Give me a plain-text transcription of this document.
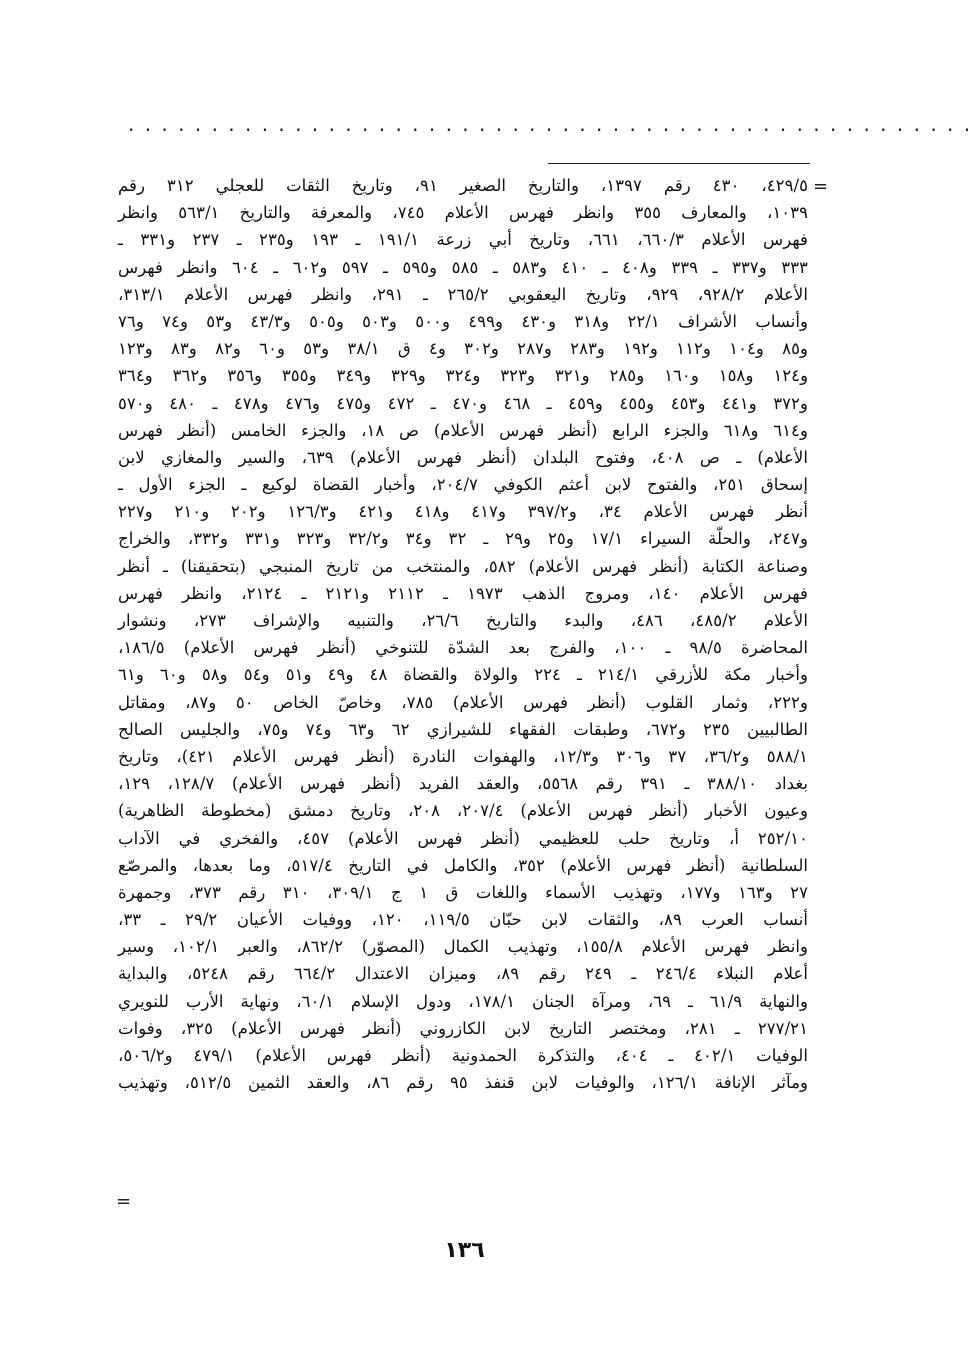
. . . . . . . . . . . . . . . . . . . . . . . . . . . . . . . . . . . . . . . . . . . . . . . . . . .
=
٤٢٩/٥، ٤٣٠ رقم ١٣٩٧، والتاريخ الصغير ٩١، وتاريخ الثقات للعجلي ٣١٢ رقم
١٠٣٩، والمعارف ٣٥٥ وانظر فهرس الأعلام ٧٤٥، والمعرفة والتاريخ ٥٦٣/١ وانظر
فهرس الأعلام ٦٦٠/٣، ٦٦١، وتاريخ أبي زرعة ١٩١/١ ـ ١٩٣ و٢٣٥ ـ ٢٣٧ و٣٣١ ـ
٣٣٣ و٣٣٧ ـ ٣٣٩ و٤٠٨ ـ ٤١٠ و٥٨٣ ـ ٥٨٥ و٥٩٥ ـ ٥٩٧ و٦٠٢ ـ ٦٠٤ وانظر فهرس
الأعلام ٩٢٨/٢، ٩٢٩، وتاريخ اليعقوبي ٢٦٥/٢ ـ ٢٩١، وانظر فهرس الأعلام ٣١٣/١،
وأنساب الأشراف ٢٢/١ و٣١٨ و٤٣٠ و٤٩٩ و٥٠٠ و٥٠٣ و٥٠٥ و٤٣/٣ و٥٣ و٧٤ و٧٦
و٨٥ و١٠٤ و١١٢ و١٩٢ و٢٨٣ و٢٨٧ و٣٠٢ و٤ ق ٣٨/١ و٥٣ و٦٠ و٨٢ و٨٣ و١٢٣
و١٢٤ و١٥٨ و١٦٠ و٢٨٥ و٣٢١ و٣٢٣ و٣٢٤ و٣٢٩ و٣٤٩ و٣٥٥ و٣٥٦ و٣٦٢ و٣٦٤
و٣٧٢ و٤٤١ و٤٥٣ و٤٥٥ و٤٥٩ ـ ٤٦٨ و٤٧٠ ـ ٤٧٢ و٤٧٥ و٤٧٦ و٤٧٨ ـ ٤٨٠ و٥٧٠
و٦١٤ و٦١٨ والجزء الرابع (أنظر فهرس الأعلام) ص ١٨، والجزء الخامس (أنظر فهرس
الأعلام) ـ ص ٤٠٨، وفتوح البلدان (أنظر فهرس الأعلام) ٦٣٩، والسير والمغازي لابن
إسحاق ٢٥١، والفتوح لابن أعثم الكوفي ٢٠٤/٧، وأخبار القضاة لوكيع ـ الجزء الأول ـ
أنظر فهرس الأعلام ٣٤، و٣٩٧/٢ و٤١٧ و٤١٨ و٤٢١ و١٢٦/٣ و٢٠٢ و٢١٠ و٢٢٧
و٢٤٧، والحلّة السيراء ١٧/١ و٢٥ و٢٩ ـ ٣٢ و٣٤ و٣٢/٢ و٣٢٣ و٣٣١ و٣٣٢، والخراج
وصناعة الكتابة (أنظر فهرس الأعلام) ٥٨٢، والمنتخب من تاريخ المنبجي (بتحقيقنا) ـ أنظر
فهرس الأعلام ١٤٠، ومروج الذهب ١٩٧٣ ـ ٢١١٢ و٢١٢١ ـ ٢١٢٤، وانظر فهرس
الأعلام ٤٨٥/٢، ٤٨٦، والبدء والتاريخ ٢٦/٦، والتنبيه والإشراف ٢٧٣، ونشوار
المحاضرة ٩٨/٥ ـ ١٠٠، والفرج بعد الشدّة للتنوخي (أنظر فهرس الأعلام) ١٨٦/٥،
وأخبار مكة للأزرقي ٢١٤/١ ـ ٢٢٤ والولاة والقضاة ٤٨ و٤٩ و٥١ و٥٤ و٥٨ و٦٠ و٦١
و٢٢٢، وثمار القلوب (أنظر فهرس الأعلام) ٧٨٥، وخاصّ الخاص ٥٠ و٨٧، ومقاتل
الطالبيين ٢٣٥ و٦٧٢، وطبقات الفقهاء للشيرازي ٦٢ و٦٣ و٧٤ و٧٥، والجليس الصالح
٥٨٨/١ و٣٦/٢، ٣٧ و٣٠٦ و١٢/٣، والهفوات النادرة (أنظر فهرس الأعلام ٤٢١)، وتاريخ
بغداد ٣٨٨/١٠ ـ ٣٩١ رقم ٥٥٦٨، والعقد الفريد (أنظر فهرس الأعلام) ١٢٨/٧، ١٢٩،
وعيون الأخبار (أنظر فهرس الأعلام) ٢٠٧/٤، ٢٠٨، وتاريخ دمشق (مخطوطة الظاهرية)
٢٥٢/١٠ أ، وتاريخ حلب للعظيمي (أنظر فهرس الأعلام) ٤٥٧، والفخري في الآداب
السلطانية (أنظر فهرس الأعلام) ٣٥٢، والكامل في التاريخ ٥١٧/٤، وما بعدها، والمرصّع
٢٧ و١٦٣ و١٧٧، وتهذيب الأسماء واللغات ق ١ ج ٣٠٩/١، ٣١٠ رقم ٣٧٣، وجمهرة
أنساب العرب ٨٩، والثقات لابن حبّان ١١٩/٥، ١٢٠، ووفيات الأعيان ٢٩/٢ ـ ٣٣،
وانظر فهرس الأعلام ١٥٥/٨، وتهذيب الكمال (المصوّر) ٨٦٢/٢، والعبر ١٠٢/١، وسير
أعلام النبلاء ٢٤٦/٤ ـ ٢٤٩ رقم ٨٩، وميزان الاعتدال ٦٦٤/٢ رقم ٥٢٤٨، والبداية
والنهاية ٦١/٩ ـ ٦٩، ومرآة الجنان ١٧٨/١، ودول الإسلام ٦٠/١، ونهاية الأرب للنويري
٢٧٧/٢١ ـ ٢٨١، ومختصر التاريخ لابن الكازروني (أنظر فهرس الأعلام) ٣٢٥، وفوات
الوفيات ٤٠٢/١ ـ ٤٠٤، والتذكرة الحمدونية (أنظر فهرس الأعلام) ٤٧٩/١ و٥٠٦/٢،
ومآثر الإنافة ١٢٦/١، والوفيات لابن قنفذ ٩٥ رقم ٨٦، والعقد الثمين ٥١٢/٥، وتهذيب
=
١٣٦
